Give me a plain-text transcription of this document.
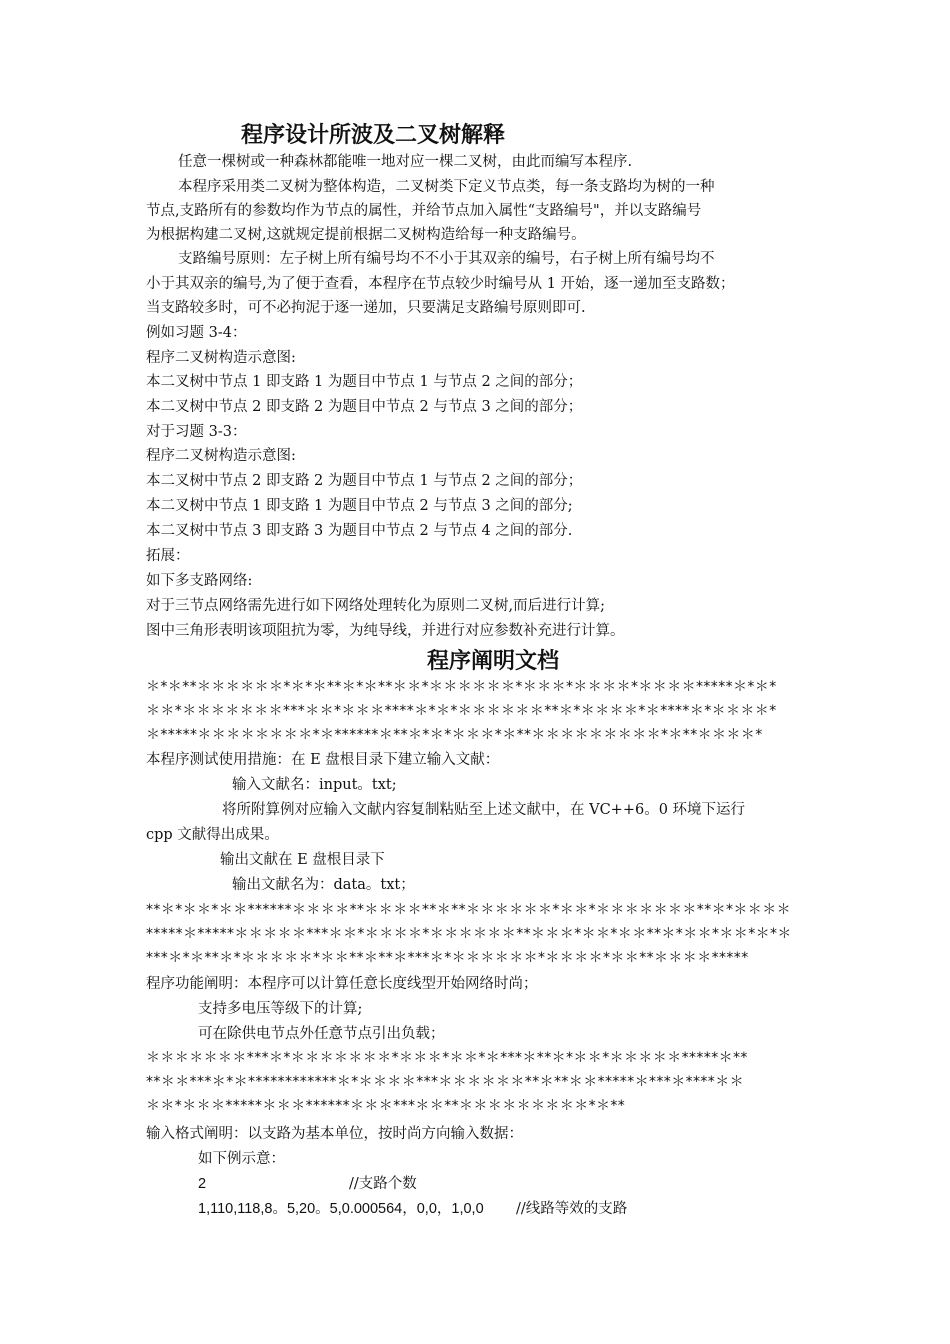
程序设计所波及二叉树解释
任意一棵树或一种森林都能唯一地对应一棵二叉树，由此而编写本程序.
本程序采用类二叉树为整体构造，二叉树类下定义节点类，每一条支路均为树的一种
节点,支路所有的参数均作为节点的属性，并给节点加入属性“支路编号"，并以支路编号
为根据构建二叉树,这就规定提前根据二叉树构造给每一种支路编号。
支路编号原则：左子树上所有编号均不不小于其双亲的编号，右子树上所有编号均不
小于其双亲的编号,为了便于查看，本程序在节点较少时编号从 1 开始，逐一递加至支路数；
当支路较多时，可不必拘泥于逐一递加，只要满足支路编号原则即可.
例如习题 3-4：
程序二叉树构造示意图:
本二叉树中节点 1 即支路 1 为题目中节点 1 与节点 2 之间的部分；
本二叉树中节点 2 即支路 2 为题目中节点 2 与节点 3 之间的部分；
对于习题 3-3：
程序二叉树构造示意图:
本二叉树中节点 2 即支路 2 为题目中节点 1 与节点 2 之间的部分；
本二叉树中节点 1 即支路 1 为题目中节点 2 与节点 3 之间的部分;
本二叉树中节点 3 即支路 3 为题目中节点 2 与节点 4 之间的部分.
拓展：
如下多支路网络:
对于三节点网络需先进行如下网络处理转化为原则二叉树,而后进行计算;
图中三角形表明该项阻抗为零，为纯导线，并进行对应参数补充进行计算。
程序阐明文档
＊*＊**＊＊＊＊＊＊*＊*＊**＊*＊**＊＊*＊＊＊＊＊＊*＊＊＊*＊＊＊＊*＊＊＊＊*****＊*＊*
＊＊*＊＊＊＊＊＊＊***＊＊*＊＊＊****＊*＊*＊＊＊＊＊＊**＊*＊＊＊＊*＊****＊*＊＊＊＊*
＊*****＊＊＊＊＊＊＊＊*＊******＊**＊*＊*＊＊＊*＊**＊＊＊＊＊＊＊＊＊*＊**＊＊＊＊*
本程序测试使用措施：在 E 盘根目录下建立输入文献：
输入文献名：input。txt;
将所附算例对应输入文献内容复制粘贴至上述文献中，在 VC++6。0 环境下运行
cpp 文献得出成果。
输出文献在 E 盘根目录下
输出文献名为：data。txt；
**＊*＊＊*＊＊******＊＊＊＊**＊＊＊＊**＊**＊＊＊＊＊＊*＊＊*＊＊＊＊＊＊＊**＊*＊＊＊＊
*****＊*****＊＊＊＊＊***＊＊*＊＊＊＊*＊＊＊＊＊＊**＊＊＊*＊＊*＊＊**＊*＊＊*＊＊*＊*＊
***＊*＊**＊*＊＊＊＊＊*＊＊**＊**＊***＊*＊＊＊＊＊＊*＊＊＊＊*＊＊**＊＊＊＊*****
程序功能阐明：本程序可以计算任意长度线型开始网络时尚；
支持多电压等级下的计算;
可在除供电节点外任意节点引出负载；
＊＊＊＊＊＊＊***＊*＊＊＊＊＊＊＊*＊＊＊*＊＊*＊***＊**＊*＊＊*＊＊＊＊＊*****＊**
**＊＊***＊*＊************＊*＊＊＊＊***＊＊＊＊＊＊**＊**＊＊*****＊***＊****＊＊
＊＊*＊＊＊*****＊＊＊******＊＊＊***＊＊**＊＊＊＊＊＊＊＊＊*＊**
输入格式阐明：以支路为基本单位，按时尚方向输入数据：
如下例示意：
2	//支路个数
1,110,118,8。5,20。5,0.000564，0,0，1,0,0 //线路等效的支路
